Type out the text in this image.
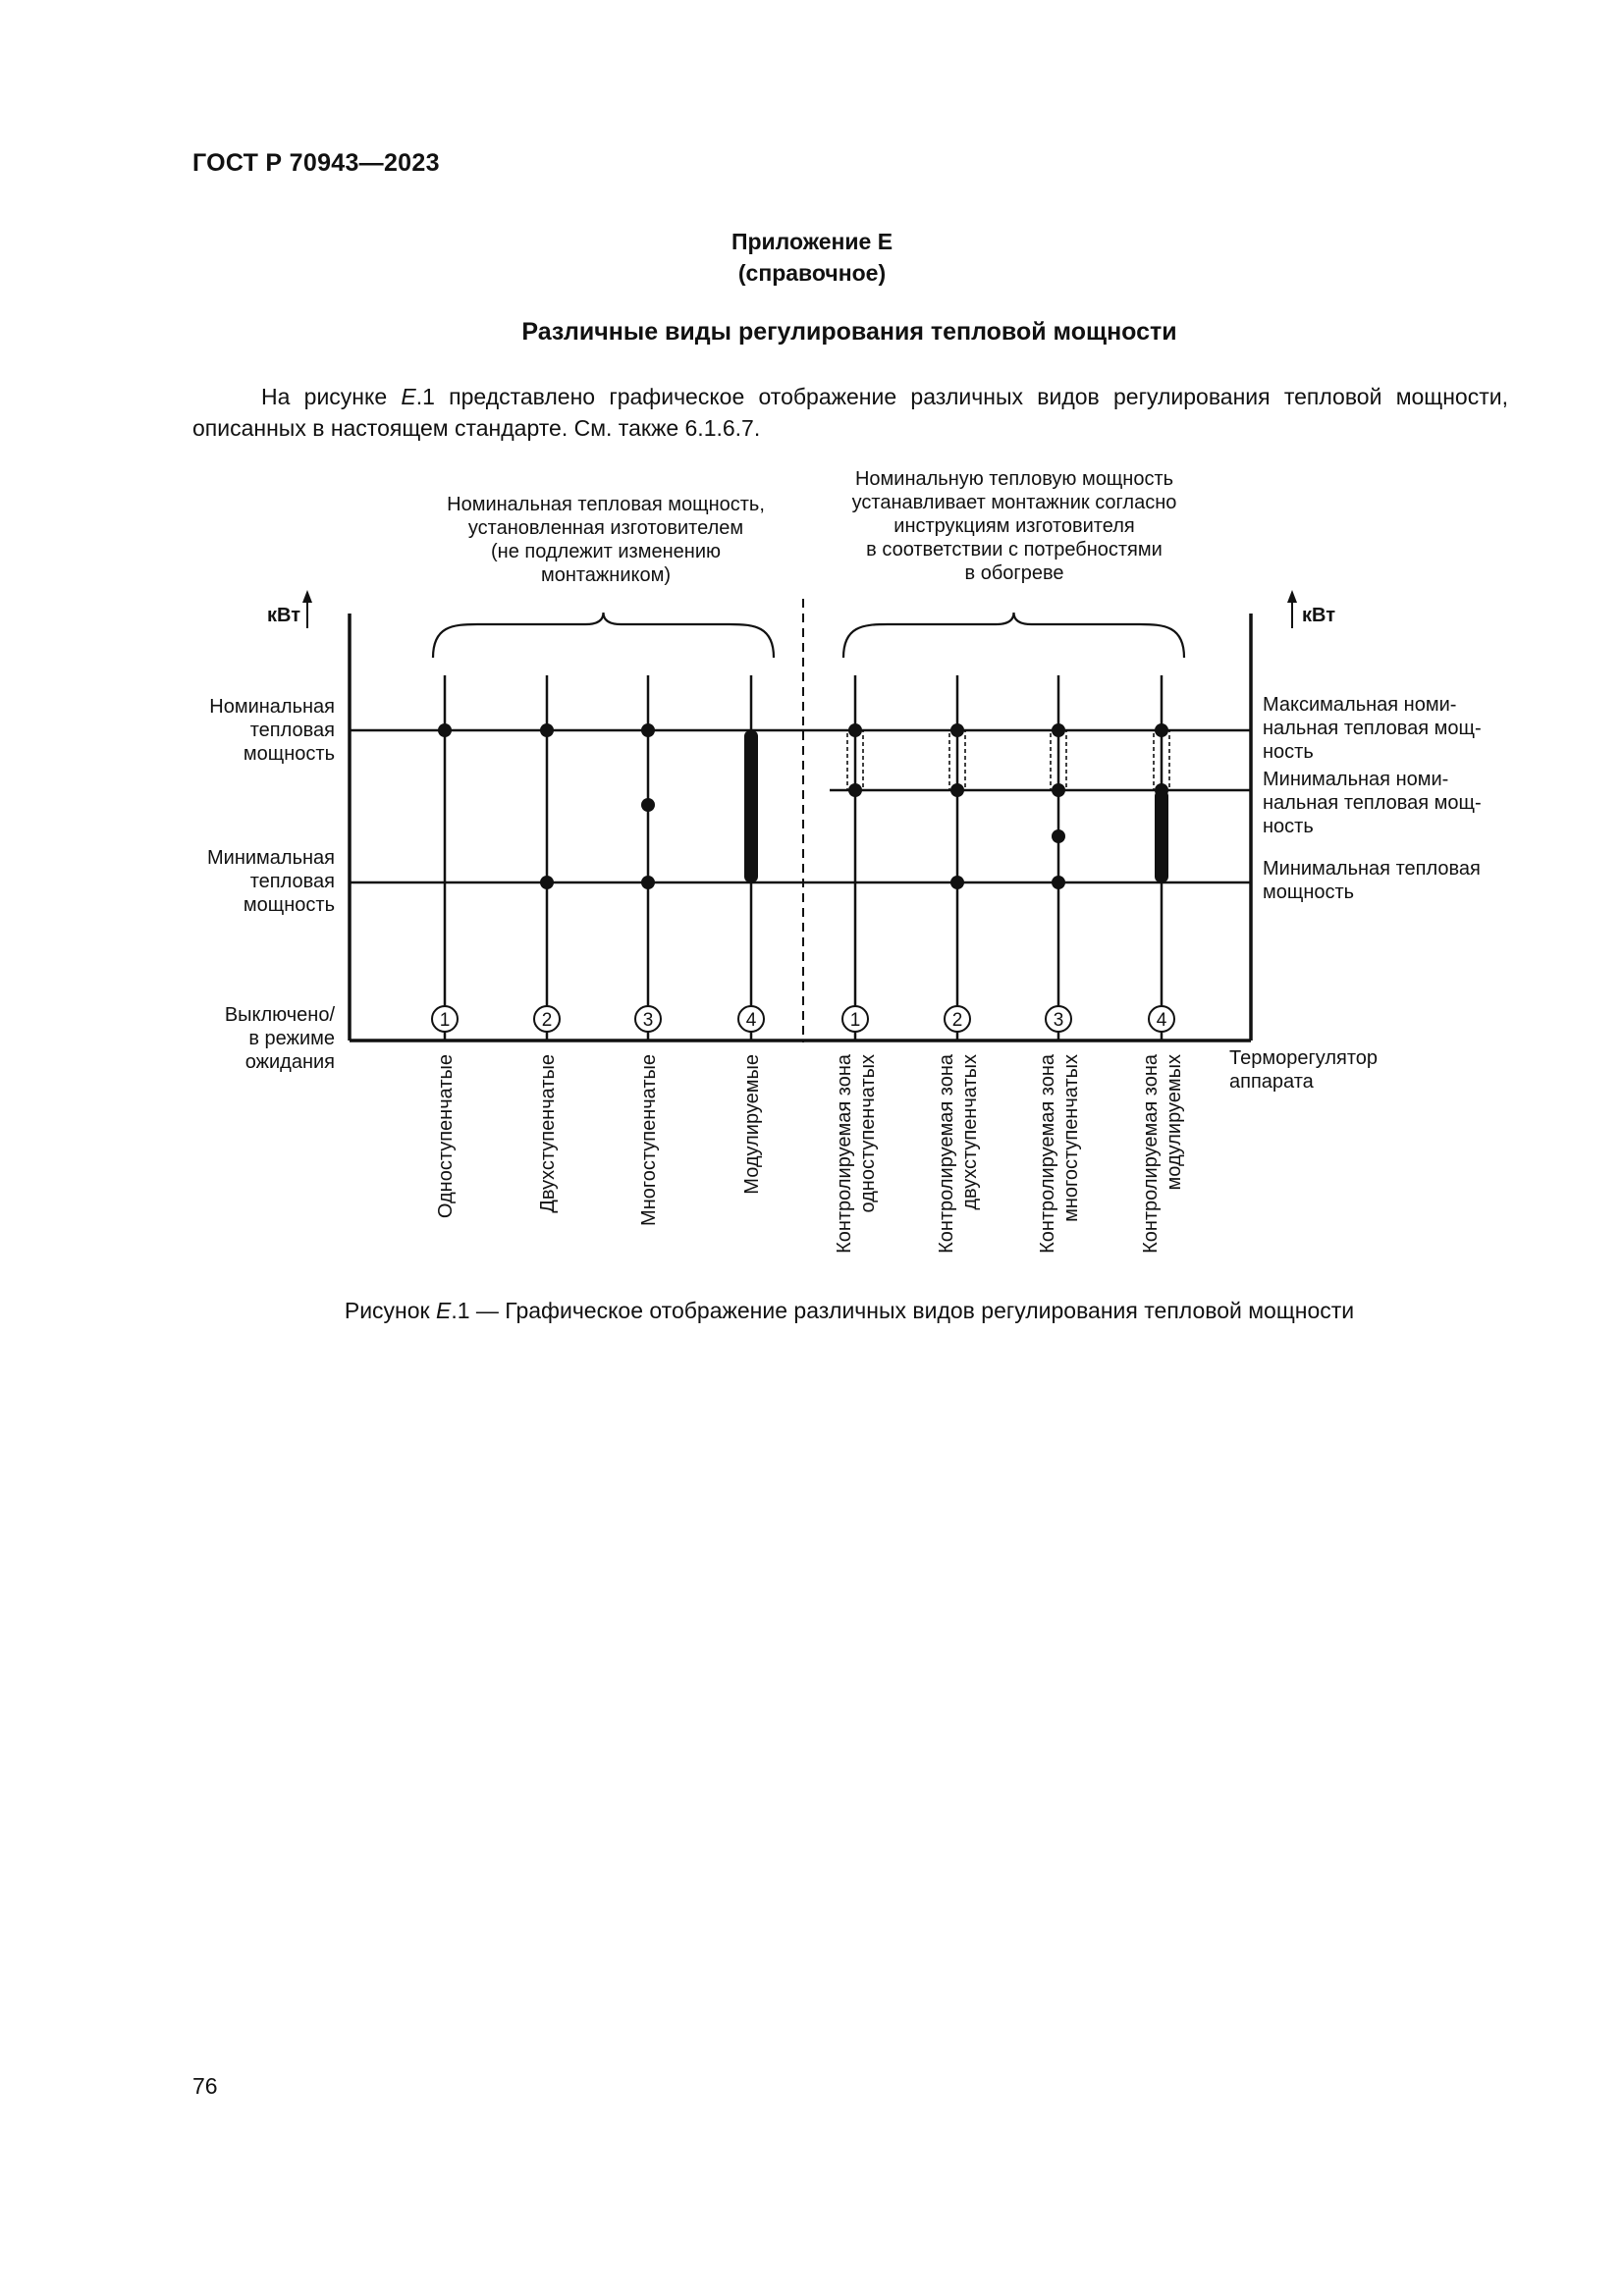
ГОСТ Р 70943—2023
Приложение Е
(справочное)
Различные виды регулирования тепловой мощности
На рисунке Е.1 представлено графическое отображение различных видов регулирования тепловой мощности, описанных в настоящем стандарте. См. также 6.1.6.7.
Номинальная тепловая мощность, установленная изготовителем (не подлежит изменению монтажником)
Номинальную тепловую мощность устанавливает монтажник согласно инструкциям изготовителя в соответствии с потребностями в обогреве
кВт	кВт
Номинальная тепловая мощность
Минимальная тепловая мощность
Выключено/ в режиме ожидания
Максимальная номи-нальная тепловая мощ-ность
Минимальная номи-нальная тепловая мощ-ность
Минимальная тепловая мощность
Терморегулятор аппарата
1	2	3	4	1	2	3	4
Одноступенчатые	Двухступенчатые	Многоступенчатые	Модулируемые	Контролируемая зона одноступенчатых	Контролируемая зона двухступенчатых	Контролируемая зона многоступенчатых	Контролируемая зона модулируемых
Рисунок Е.1 — Графическое отображение различных видов регулирования тепловой мощности
76
